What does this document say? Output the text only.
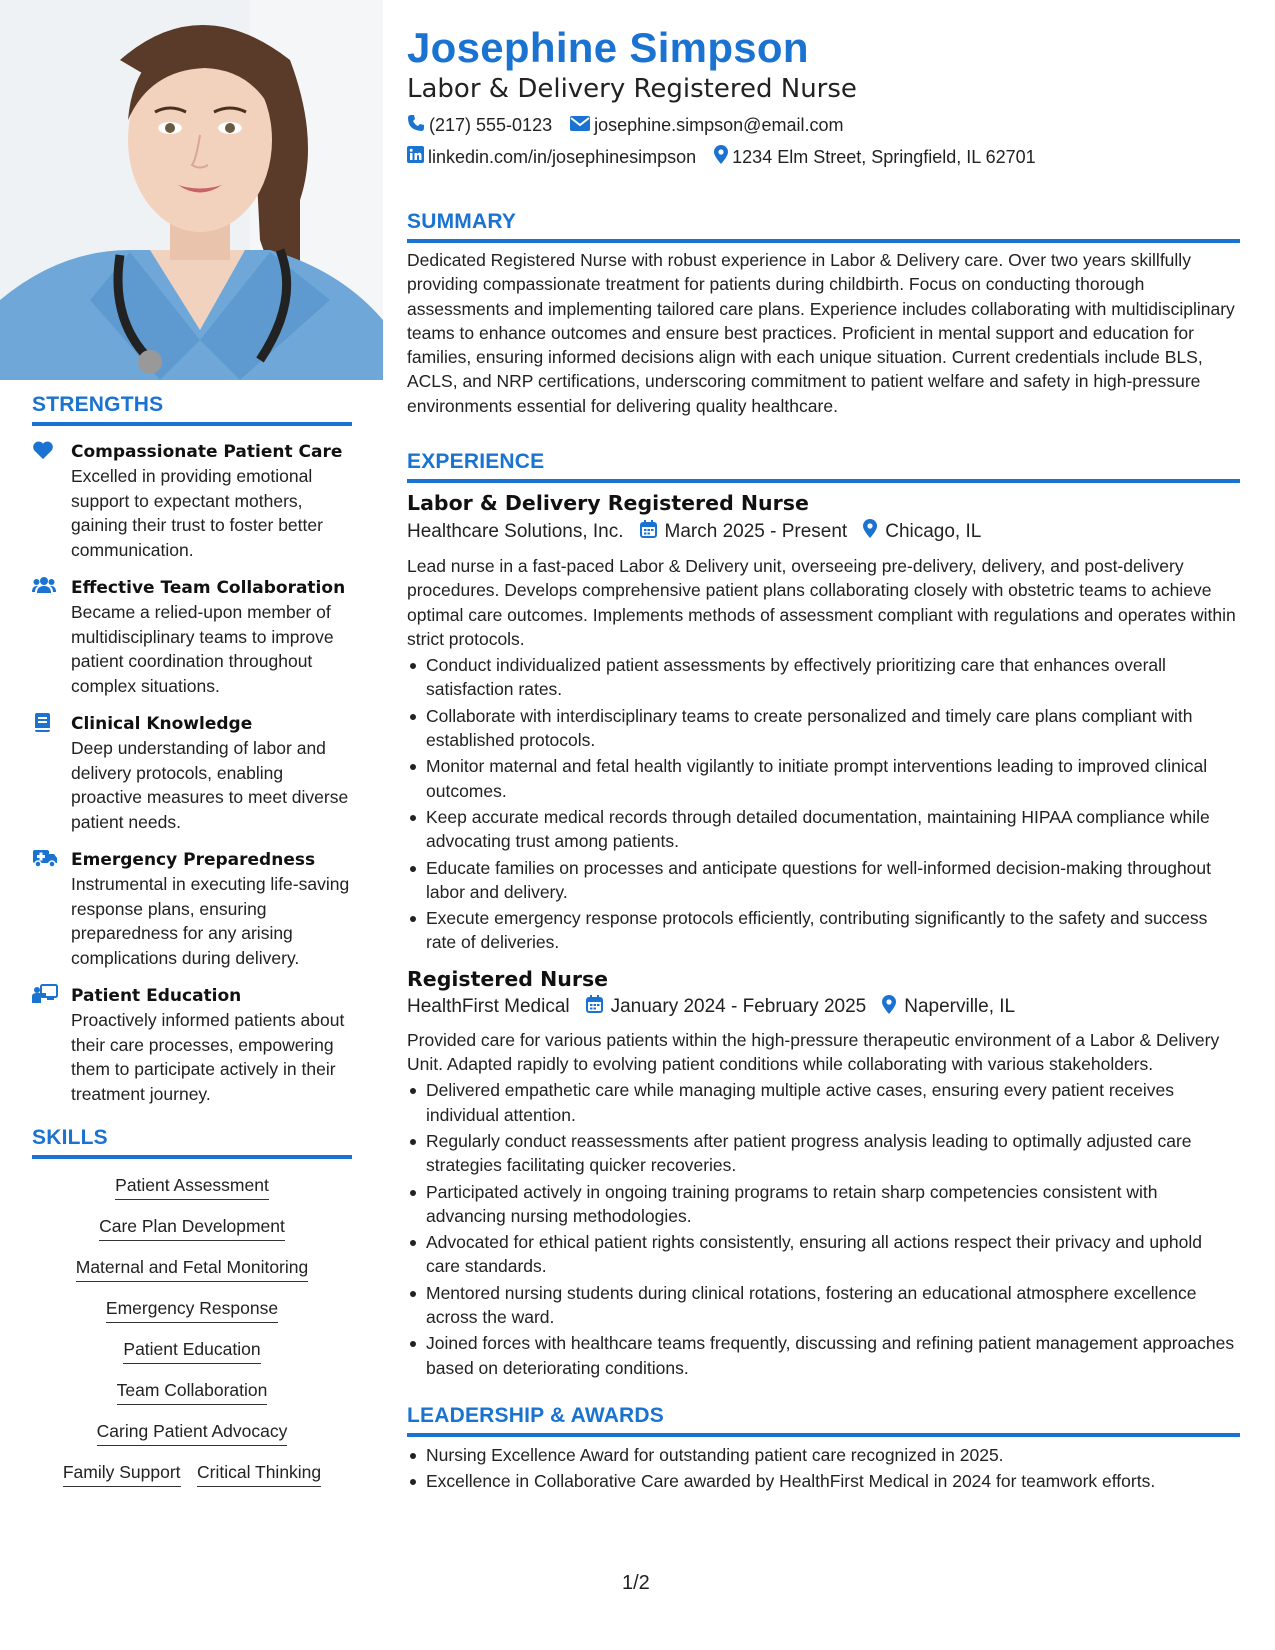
STRENGTHS
Compassionate Patient Care
Excelled in providing emotional support to expectant mothers, gaining their trust to foster better communication.
Effective Team Collaboration
Became a relied-upon member of multidisciplinary teams to improve patient coordination throughout complex situations.
Clinical Knowledge
Deep understanding of labor and delivery protocols, enabling proactive measures to meet diverse patient needs.
Emergency Preparedness
Instrumental in executing life-saving response plans, ensuring preparedness for any arising complications during delivery.
Patient Education
Proactively informed patients about their care processes, empowering them to participate actively in their treatment journey.
SKILLS
Patient Assessment
Care Plan Development
Maternal and Fetal Monitoring
Emergency Response
Patient Education
Team Collaboration
Caring Patient Advocacy
Family Support Critical Thinking
Josephine Simpson
Labor & Delivery Registered Nurse
(217) 555-0123 josephine.simpson@email.com
linkedin.com/in/josephinesimpson 1234 Elm Street, Springfield, IL 62701
SUMMARY
Dedicated Registered Nurse with robust experience in Labor & Delivery care. Over two years skillfully providing compassionate treatment for patients during childbirth. Focus on conducting thorough assessments and implementing tailored care plans. Experience includes collaborating with multidisciplinary teams to enhance outcomes and ensure best practices. Proficient in mental support and education for families, ensuring informed decisions align with each unique situation. Current credentials include BLS, ACLS, and NRP certifications, underscoring commitment to patient welfare and safety in high-pressure environments essential for delivering quality healthcare.
EXPERIENCE
Labor & Delivery Registered Nurse
Healthcare Solutions, Inc. March 2025 - Present Chicago, IL
Lead nurse in a fast-paced Labor & Delivery unit, overseeing pre-delivery, delivery, and post-delivery procedures. Develops comprehensive patient plans collaborating closely with obstetric teams to achieve optimal care outcomes. Implements methods of assessment compliant with regulations and operates within strict protocols.
Conduct individualized patient assessments by effectively prioritizing care that enhances overall satisfaction rates.
Collaborate with interdisciplinary teams to create personalized and timely care plans compliant with established protocols.
Monitor maternal and fetal health vigilantly to initiate prompt interventions leading to improved clinical outcomes.
Keep accurate medical records through detailed documentation, maintaining HIPAA compliance while advocating trust among patients.
Educate families on processes and anticipate questions for well-informed decision-making throughout labor and delivery.
Execute emergency response protocols efficiently, contributing significantly to the safety and success rate of deliveries.
Registered Nurse
HealthFirst Medical January 2024 - February 2025 Naperville, IL
Provided care for various patients within the high-pressure therapeutic environment of a Labor & Delivery Unit. Adapted rapidly to evolving patient conditions while collaborating with various stakeholders.
Delivered empathetic care while managing multiple active cases, ensuring every patient receives individual attention.
Regularly conduct reassessments after patient progress analysis leading to optimally adjusted care strategies facilitating quicker recoveries.
Participated actively in ongoing training programs to retain sharp competencies consistent with advancing nursing methodologies.
Advocated for ethical patient rights consistently, ensuring all actions respect their privacy and uphold care standards.
Mentored nursing students during clinical rotations, fostering an educational atmosphere excellence across the ward.
Joined forces with healthcare teams frequently, discussing and refining patient management approaches based on deteriorating conditions.
LEADERSHIP & AWARDS
Nursing Excellence Award for outstanding patient care recognized in 2025.
Excellence in Collaborative Care awarded by HealthFirst Medical in 2024 for teamwork efforts.
1/2
